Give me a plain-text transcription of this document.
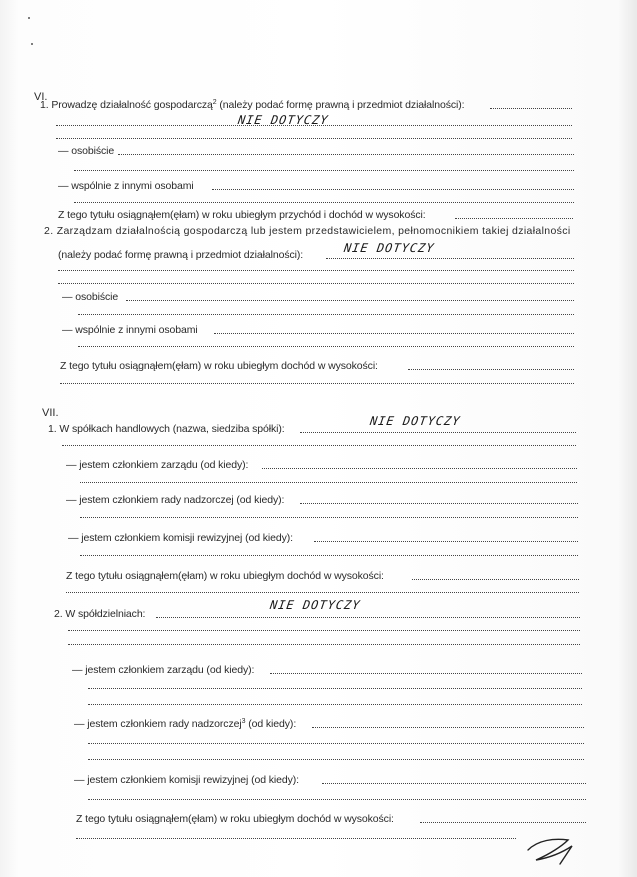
VI.
1. Prowadzę działalność gospodarczą$^2$ (należy podać formę prawną i przedmiot działalności):
NIE DOTYCZY
— osobiście
— wspólnie z innymi osobami
Z tego tytułu osiągnąłem(ęłam) w roku ubiegłym przychód i dochód w wysokości:
2. Zarządzam działalnością gospodarczą lub jestem przedstawicielem, pełnomocnikiem takiej działalności
(należy podać formę prawną i przedmiot działalności):	NIE DOTYCZY
— osobiście
— wspólnie z innymi osobami
Z tego tytułu osiągnąłem(ęłam) w roku ubiegłym dochód w wysokości:
VII.
1. W spółkach handlowych (nazwa, siedziba spółki):
NIE DOTYCZY
— jestem członkiem zarządu (od kiedy):
— jestem członkiem rady nadzorczej (od kiedy):
— jestem członkiem komisji rewizyjnej (od kiedy):
Z tego tytułu osiągnąłem(ęłam) w roku ubiegłym dochód w wysokości:
2. W spółdzielniach:
NIE DOTYCZY
— jestem członkiem zarządu (od kiedy):
— jestem członkiem rady nadzorczej$^3$ (od kiedy):
— jestem członkiem komisji rewizyjnej (od kiedy):
Z tego tytułu osiągnąłem(ęłam) w roku ubiegłym dochód w wysokości:
